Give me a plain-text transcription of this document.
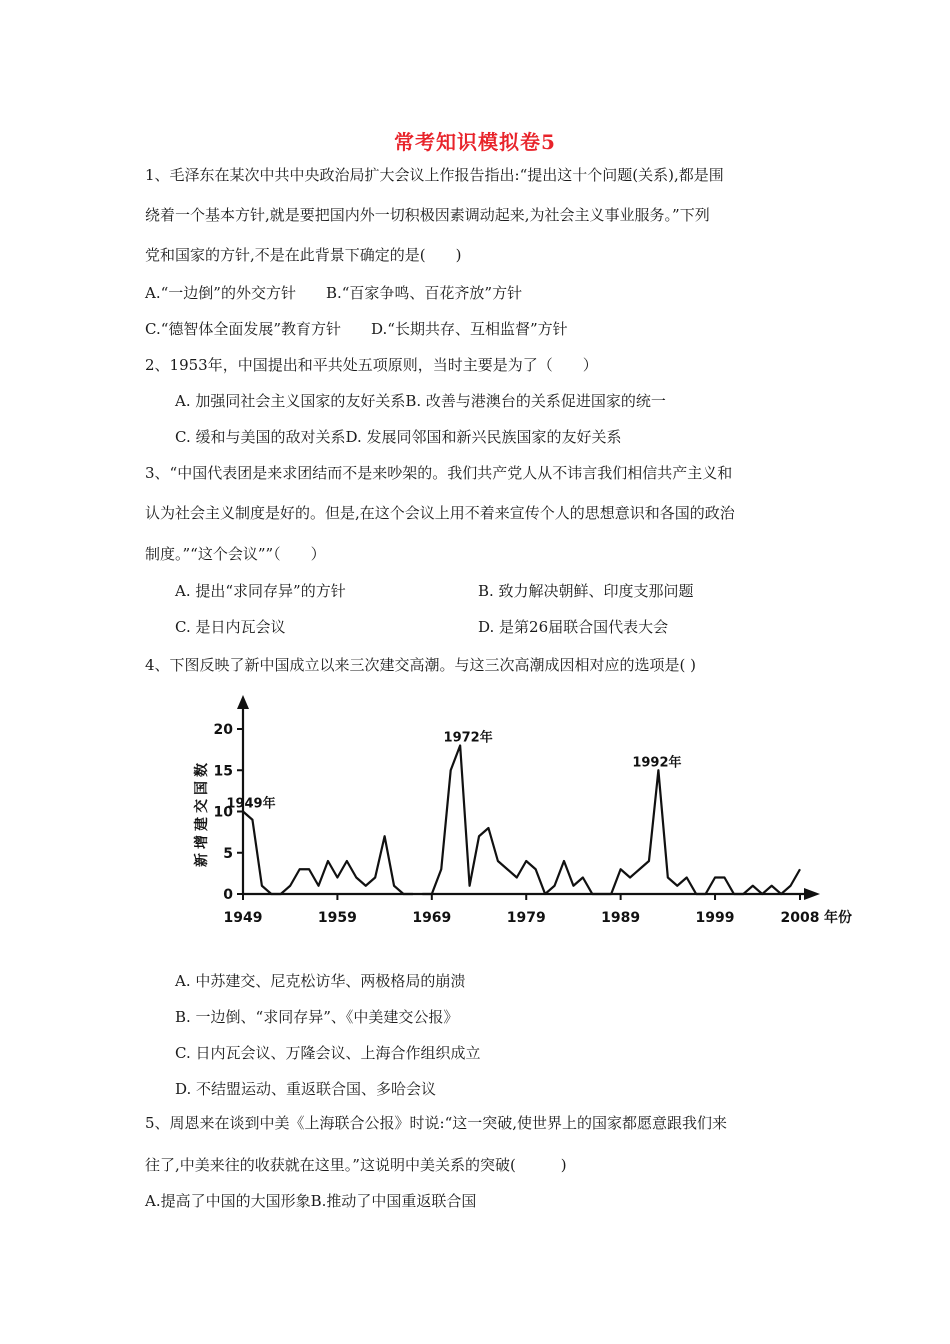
常考知识模拟卷5
1、毛泽东在某次中共中央政治局扩大会议上作报告指出:“提出这十个问题(关系),都是围
绕着一个基本方针,就是要把国内外一切积极因素调动起来,为社会主义事业服务。”下列
党和国家的方针,不是在此背景下确定的是(　　)
A.“一边倒”的外交方针　　B.“百家争鸣、百花齐放”方针
C.“德智体全面发展”教育方针　　D.“长期共存、互相监督”方针
2、1953年，中国提出和平共处五项原则，当时主要是为了（　　）
A. 加强同社会主义国家的友好关系B. 改善与港澳台的关系促进国家的统一
C. 缓和与美国的敌对关系D. 发展同邻国和新兴民族国家的友好关系
3、“中国代表团是来求团结而不是来吵架的。我们共产党人从不讳言我们相信共产主义和
认为社会主义制度是好的。但是,在这个会议上用不着来宣传个人的思想意识和各国的政治
制度。”“这个会议””（　　）
A. 提出“求同存异”的方针	B. 致力解决朝鲜、印度支那问题
C. 是日内瓦会议	D. 是第26届联合国代表大会
4、下图反映了新中国成立以来三次建交高潮。与这三次高潮成因相对应的选项是( )
0
5
10
15
20
1949	1959	1969	1979	1989	1999	2008
1949年
1972年
1992年
新增建交国数
年份
A. 中苏建交、尼克松访华、两极格局的崩溃
B. 一边倒、“求同存异”、《中美建交公报》
C. 日内瓦会议、万隆会议、上海合作组织成立
D. 不结盟运动、重返联合国、多哈会议
5、周恩来在谈到中美《上海联合公报》时说:“这一突破,使世界上的国家都愿意跟我们来
往了,中美来往的收获就在这里。”这说明中美关系的突破(　　　)
A.提高了中国的大国形象B.推动了中国重返联合国
